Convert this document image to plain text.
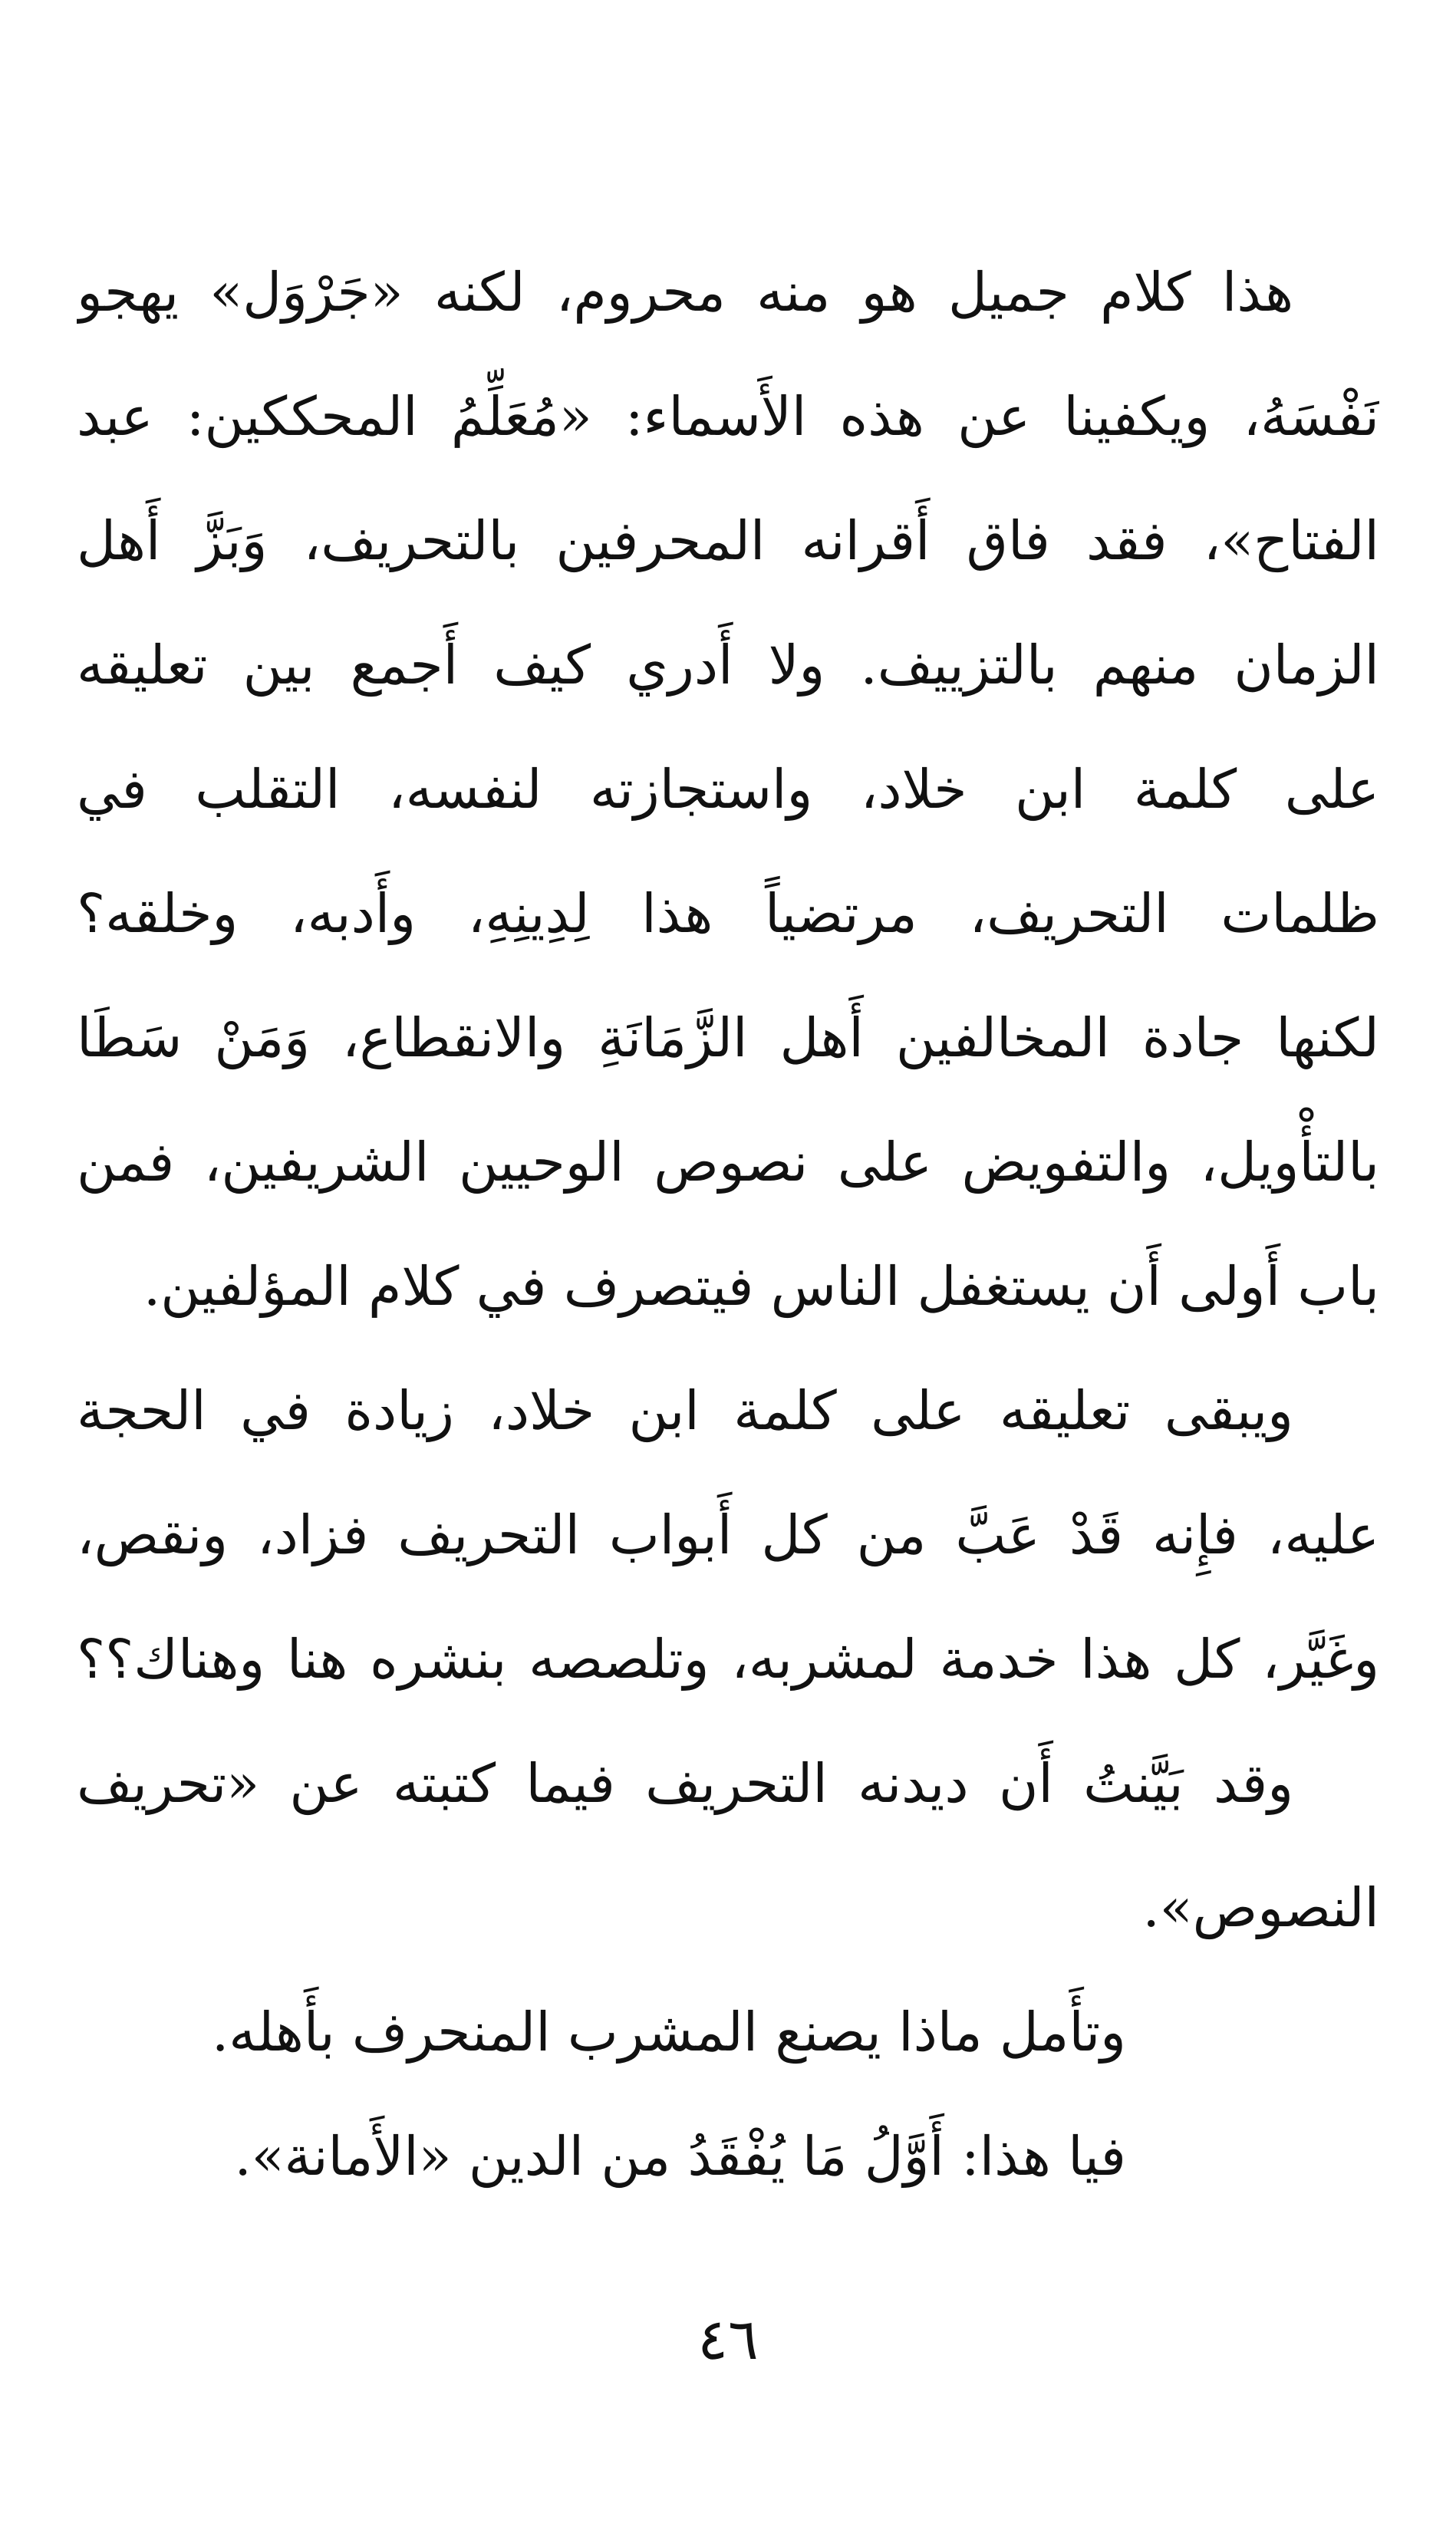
هذا كلام جميل هو منه محروم، لكنه «جَرْوَل» يهجو
نَفْسَهُ، ويكفينا عن هذه الأَسماء: «مُعَلِّمُ المحككين: عبد
الفتاح»، فقد فاق أَقرانه المحرفين بالتحريف، وَبَزَّ أَهل
الزمان منهم بالتزييف. ولا أَدري كيف أَجمع بين تعليقه
على كلمة ابن خلاد، واستجازته لنفسه، التقلب في
ظلمات التحريف، مرتضياً هذا لِدِينِهِ، وأَدبه، وخلقه؟
لكنها جادة المخالفين أَهل الزَّمَانَةِ والانقطاع، وَمَنْ سَطَا
بالتأْويل، والتفويض على نصوص الوحيين الشريفين، فمن
باب أَولى أَن يستغفل الناس فيتصرف في كلام المؤلفين.
ويبقى تعليقه على كلمة ابن خلاد، زيادة في الحجة
عليه، فإِنه قَدْ عَبَّ من كل أَبواب التحريف فزاد، ونقص،
وغَيَّر، كل هذا خدمة لمشربه، وتلصصه بنشره هنا وهناك؟؟
وقد بَيَّنتُ أَن ديدنه التحريف فيما كتبته عن «تحريف
النصوص».
وتأَمل ماذا يصنع المشرب المنحرف بأَهله.
فيا هذا: أَوَّلُ مَا يُفْقَدُ من الدين «الأَمانة».
٤٦
